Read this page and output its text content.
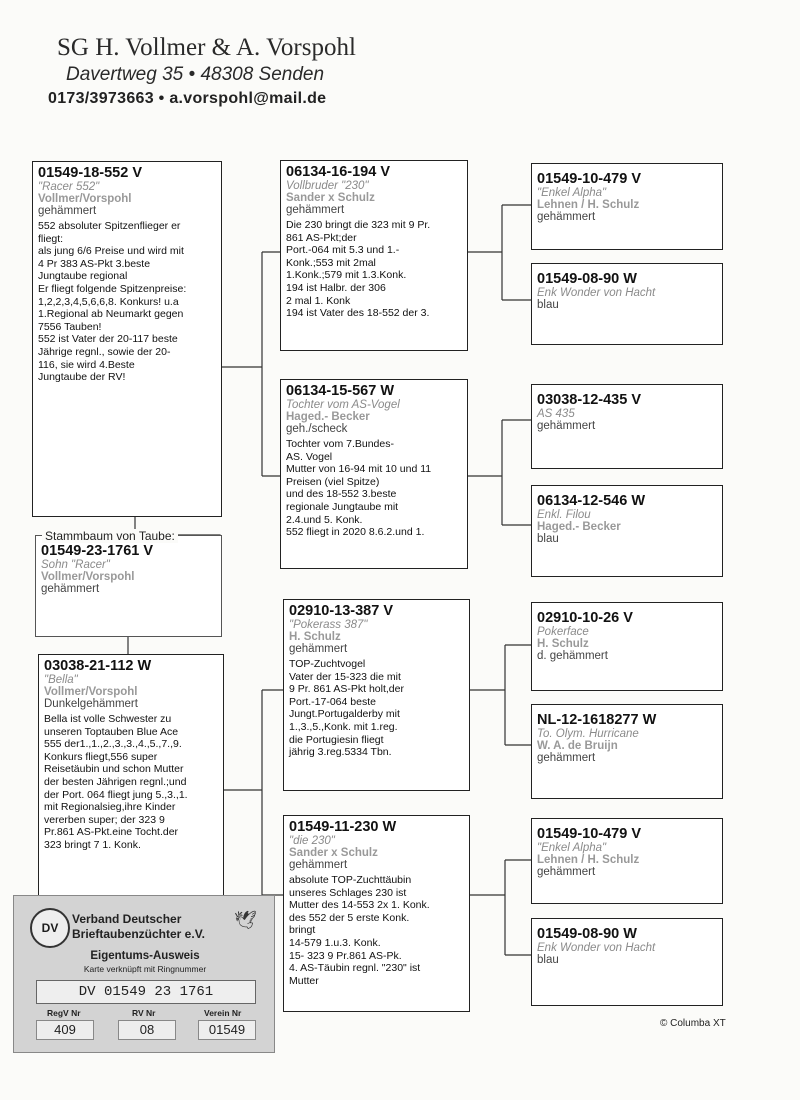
SG H. Vollmer & A. Vorspohl
Davertweg 35 • 48308 Senden
0173/3973663 • a.vorspohl@mail.de
01549-18-552 V
"Racer 552"
Vollmer/Vorspohl
gehämmert
552 absoluter Spitzenflieger er
fliegt:
als jung 6/6 Preise und wird mit
4 Pr 383 AS-Pkt 3.beste
Jungtaube regional
Er fliegt folgende Spitzenpreise:
1,2,2,3,4,5,6,6,8. Konkurs! u.a
1.Regional ab Neumarkt gegen
7556 Tauben!
552 ist Vater der 20-117 beste
Jährige regnl., sowie der 20-
116, sie wird 4.Beste
Jungtaube der RV!
01549-23-1761 V
Sohn "Racer"
Vollmer/Vorspohl
gehämmert
Stammbaum von Taube:
03038-21-112 W
"Bella"
Vollmer/Vorspohl
Dunkelgehämmert
Bella ist volle Schwester zu
unseren Toptauben Blue Ace
555 der1.,1.,2.,3.,3.,4.,5.,7.,9.
Konkurs fliegt,556 super
Reisetäubin und schon Mutter
der besten Jährigen regnl.;und
der Port. 064 fliegt jung 5.,3.,1.
mit Regionalsieg,ihre Kinder
vererben super; der 323 9
Pr.861 AS-Pkt.eine Tocht.der
323 bringt 7 1. Konk.
06134-16-194 V
Vollbruder "230"
Sander x Schulz
gehämmert
Die 230 bringt die 323 mit 9 Pr.
861 AS-Pkt;der
Port.-064 mit 5.3 und 1.-
Konk.;553 mit 2mal
1.Konk.;579 mit 1.3.Konk.
194 ist Halbr. der 306
2 mal 1. Konk
194 ist Vater des 18-552 der 3.
06134-15-567 W
Tochter vom AS-Vogel
Haged.- Becker
geh./scheck
Tochter vom 7.Bundes-
AS. Vogel
Mutter von 16-94 mit 10 und 11
Preisen (viel Spitze)
und des 18-552 3.beste
regionale Jungtaube mit
2.4.und 5. Konk.
552 fliegt in 2020 8.6.2.und 1.
02910-13-387 V
"Pokerass 387"
H. Schulz
gehämmert
TOP-Zuchtvogel
Vater der 15-323 die mit
9 Pr. 861 AS-Pkt holt,der
Port.-17-064 beste
Jungt.Portugalderby mit
1.,3.,5.,Konk. mit 1.reg.
die Portugiesin fliegt
jährig 3.reg.5334 Tbn.
01549-11-230 W
"die 230"
Sander x Schulz
gehämmert
absolute TOP-Zuchttäubin
unseres Schlages 230 ist
Mutter des 14-553 2x 1. Konk.
des 552 der 5 erste Konk.
bringt
14-579 1.u.3. Konk.
15- 323 9 Pr.861 AS-Pk.
4. AS-Täubin regnl. "230" ist
Mutter
01549-10-479 V
"Enkel Alpha"
Lehnen / H. Schulz
gehämmert
01549-08-90 W
Enk Wonder von Hacht
blau
03038-12-435 V
AS 435
gehämmert
06134-12-546 W
Enkl. Filou
Haged.- Becker
blau
02910-10-26 V
Pokerface
H. Schulz
d. gehämmert
NL-12-1618277 W
To. Olym. Hurricane
W. A. de Bruijn
gehämmert
01549-10-479 V
"Enkel Alpha"
Lehnen / H. Schulz
gehämmert
01549-08-90 W
Enk Wonder von Hacht
blau
DV
Verband Deutscher
Brieftaubenzüchter e.V.
🕊
Eigentums-Ausweis
Karte verknüpft mit Ringnummer
DV 01549 23 1761
RegV Nr	RV Nr	Verein Nr
409	08	01549	© Columba XT
